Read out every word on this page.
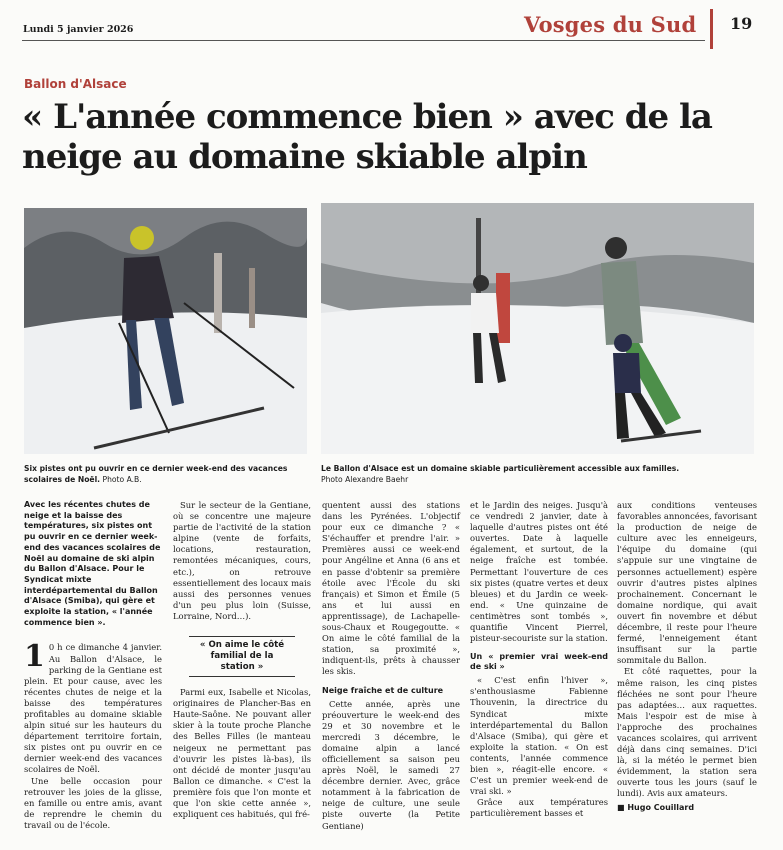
Lundi 5 janvier 2026	Vosges du Sud 19
Ballon d'Alsace
« L'année commence bien » avec de la neige au domaine skiable alpin
Six pistes ont pu ouvrir en ce dernier week-end des vacances scolaires de Noël. Photo A.B.
Le Ballon d'Alsace est un domaine skiable particulièrement accessible aux familles.
Photo Alexandre Baehr
Avec les récentes chutes de neige et la baisse des températures, six pistes ont pu ouvrir en ce dernier week-end des vacances scolaires de Noël au domaine de ski alpin du Ballon d'Alsace. Pour le Syndicat mixte interdépartemental du Ballon d'Alsace (Smiba), qui gère et exploite la station, « l'année commence bien ».

1 0 h ce dimanche 4 janvier. Au Ballon d'Alsace, le parking de la Gentiane est plein. Et pour cause, avec les récentes chutes de neige et la baisse des températures profitables au domaine skiable alpin situé sur les hauteurs du département territoire fortain, six pistes ont pu ouvrir en ce dernier week-end des vacances scolaires de Noël.

Une belle occasion pour retrouver les joies de la glisse, en famille ou entre amis, avant de reprendre le chemin du travail ou de l'école.

Sur le secteur de la Gentiane, où se concentre une majeure partie de l'activité de la station alpine (vente de forfaits, locations, restauration, remontées mécaniques, cours, etc.), on retrouve essentiellement des locaux mais aussi des personnes venues d'un peu plus loin (Suisse, Lorraine, Nord…).

« On aime le côté familial de la station »

Parmi eux, Isabelle et Nicolas, originaires de Plancher-Bas en Haute-Saône. Ne pouvant aller skier à la toute proche Planche des Belles Filles (le manteau neigeux ne permettant pas d'ouvrir les pistes là-bas), ils ont décidé de monter jusqu'au Ballon ce dimanche. « C'est la première fois que l'on monte et que l'on skie cette année », expliquent ces habitués, qui fré-

quentent aussi des stations dans les Pyrénées. L'objectif pour eux ce dimanche ? « S'échauffer et prendre l'air. » Premières aussi ce week-end pour Angéline et Anna (6 ans et en passe d'obtenir sa première étoile avec l'École du ski français) et Simon et Émile (5 ans et lui aussi en apprentissage), de Lachapelle-sous-Chaux et Rougegoutte. « On aime le côté familial de la station, sa proximité », indiquent-ils, prêts à chausser les skis.

Neige fraîche et de culture

Cette année, après une préouverture le week-end des 29 et 30 novembre et le mercredi 3 décembre, le domaine alpin a lancé officiellement sa saison peu après Noël, le samedi 27 décembre dernier. Avec, grâce notamment à la fabrication de neige de culture, une seule piste ouverte (la Petite Gentiane)

et le Jardin des neiges. Jusqu'à ce vendredi 2 janvier, date à laquelle d'autres pistes ont été ouvertes. Date à laquelle également, et surtout, de la neige fraîche est tombée. Permettant l'ouverture de ces six pistes (quatre vertes et deux bleues) et du Jardin ce week-end. « Une quinzaine de centimètres sont tombés », quantifie Vincent Pierrel, pisteur-secouriste sur la station.

Un « premier vrai week-end de ski »

« C'est enfin l'hiver », s'enthousiasme Fabienne Thouvenin, la directrice du Syndicat mixte interdépartemental du Ballon d'Alsace (Smiba), qui gère et exploite la station. « On est contents, l'année commence bien », réagit-elle encore. « C'est un premier week-end de vrai ski. »

Grâce aux températures particulièrement basses et

aux conditions venteuses favorables annoncées, favorisant la production de neige de culture avec les enneigeurs, l'équipe du domaine (qui s'appuie sur une vingtaine de personnes actuellement) espère ouvrir d'autres pistes alpines prochainement. Concernant le domaine nordique, qui avait ouvert fin novembre et début décembre, il reste pour l'heure fermé, l'enneigement étant insuffisant sur la partie sommitale du Ballon.

Et côté raquettes, pour la même raison, les cinq pistes fléchées ne sont pour l'heure pas adaptées… aux raquettes. Mais l'espoir est de mise à l'approche des prochaines vacances scolaires, qui arrivent déjà dans cinq semaines. D'ici là, si la météo le permet bien évidemment, la station sera ouverte tous les jours (sauf le lundi). Avis aux amateurs.

■ Hugo Couillard
